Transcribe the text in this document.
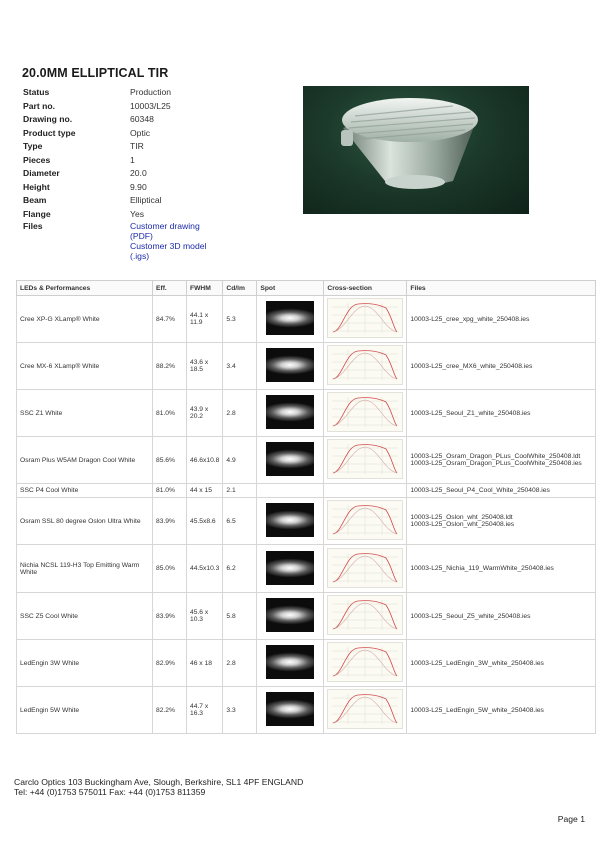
20.0MM ELLIPTICAL TIR
Status	Production
Part no.	10003/L25
Drawing no.	60348
Product type	Optic
Type	TIR
Pieces	1
Diameter	20.0
Height	9.90
Beam	Elliptical
Flange	Yes
Files	Customer drawing
(PDF)
Customer 3D model
(.igs)
LEDs & Performances	Eff.	FWHM	Cd/lm	Spot	Cross-section	Files
Cree XP-G XLamp® White	84.7%	44.1 x 11.9	5.3			10003-L25_cree_xpg_white_250408.ies

Cree MX-6 XLamp® White	88.2%	43.6 x 18.5	3.4			10003-L25_cree_MX6_white_250408.ies

SSC Z1 White	81.0%	43.9 x 20.2	2.8			10003-L25_Seoul_Z1_white_250408.ies

Osram Plus W5AM Dragon Cool White	85.6%	46.6x10.8	4.9			10003-L25_Osram_Dragon_PLus_CoolWhite_250408.ldt
10003-L25_Osram_Dragon_PLus_CoolWhite_250408.ies

SSC P4 Cool White	81.0%	44 x 15	2.1			10003-L25_Seoul_P4_Cool_White_250408.ies

Osram SSL 80 degree Oslon Ultra White	83.9%	45.5x8.6	6.5			10003-L25_Oslon_wht_250408.ldt
10003-L25_Oslon_wht_250408.ies

Nichia NCSL 119-H3 Top Emitting Warm White	85.0%	44.5x10.3	6.2			10003-L25_Nichia_119_WarmWhite_250408.ies

SSC Z5 Cool White	83.9%	45.6 x 10.3	5.8			10003-L25_Seoul_Z5_white_250408.ies

LedEngin 3W White	82.9%	46 x 18	2.8			10003-L25_LedEngin_3W_white_250408.ies

LedEngin 5W White	82.2%	44.7 x 16.3	3.3			10003-L25_LedEngin_5W_white_250408.ies
Carclo Optics 103 Buckingham Ave, Slough, Berkshire, SL1 4PF ENGLAND
Tel: +44 (0)1753 575011 Fax: +44 (0)1753 811359
Page 1
